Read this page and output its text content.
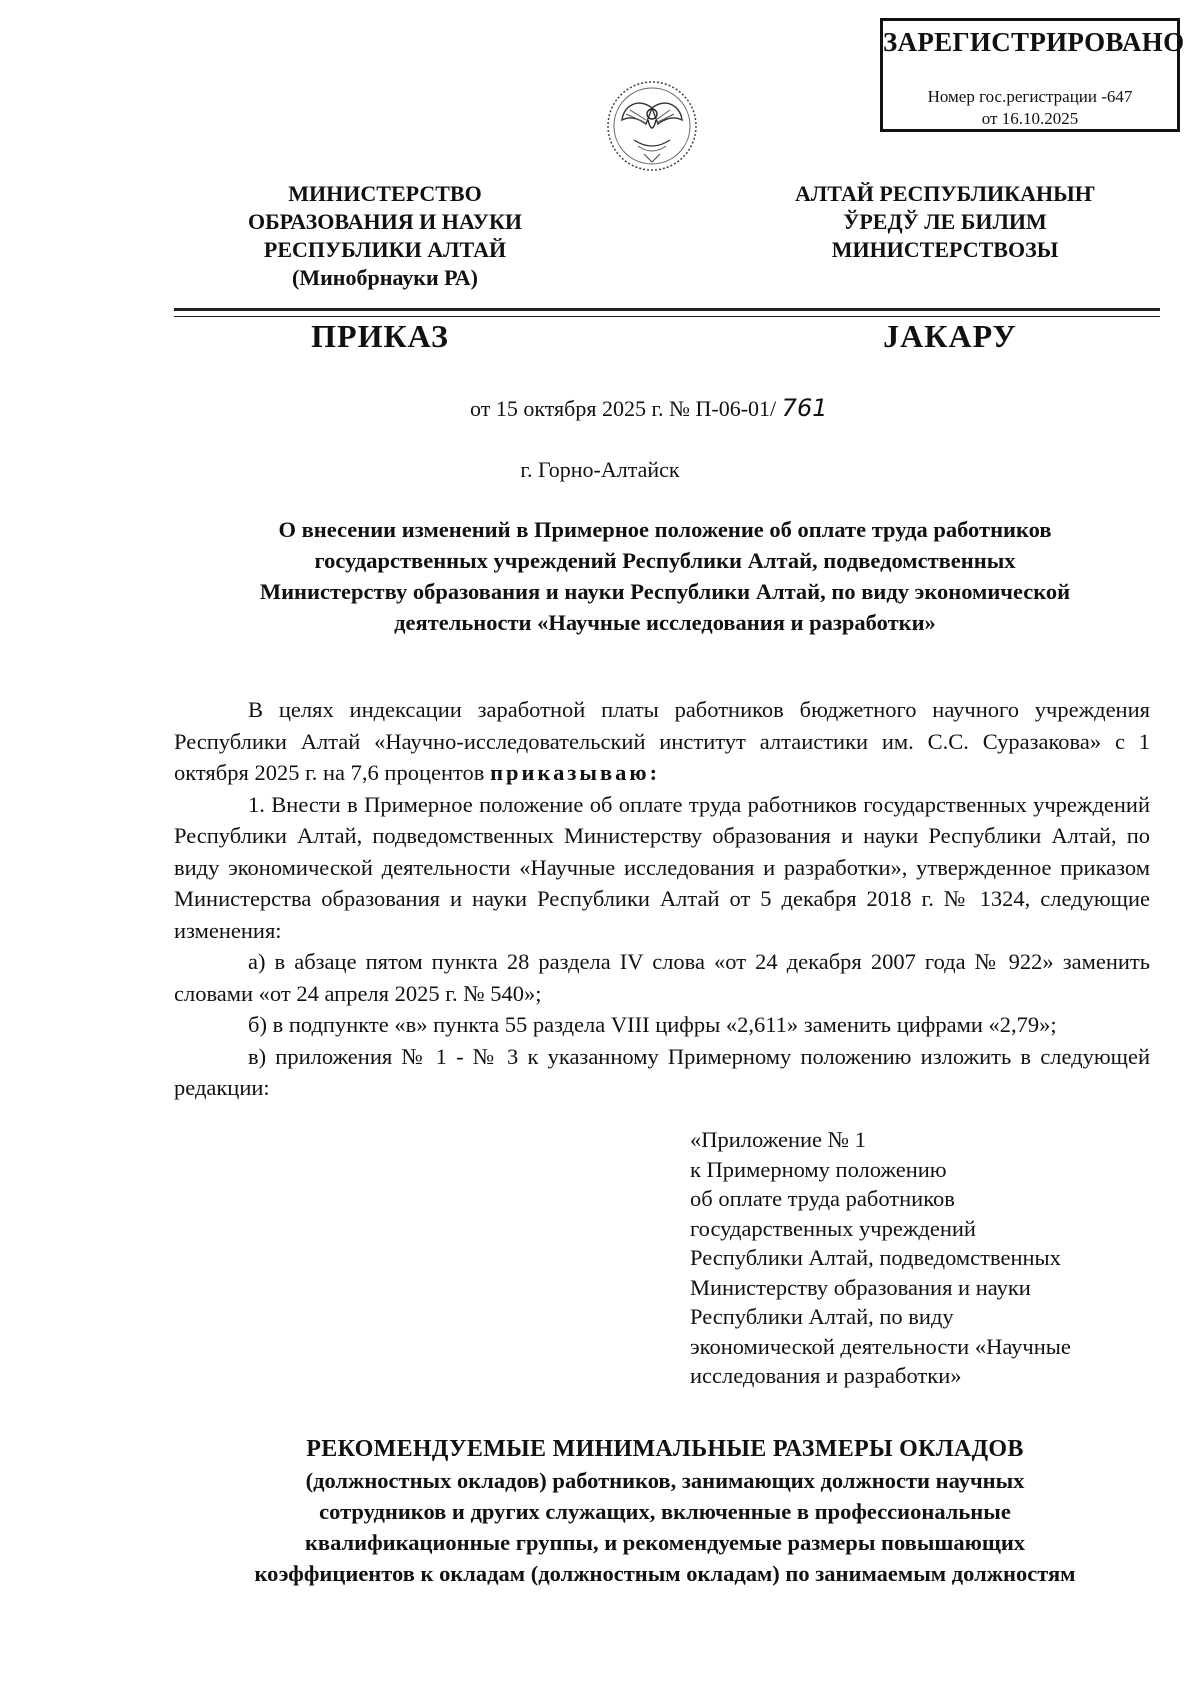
ЗАРЕГИСТРИРОВАНО
Номер гос.регистрации -647
от 16.10.2025
МИНИСТЕРСТВО
ОБРАЗОВАНИЯ И НАУКИ
РЕСПУБЛИКИ АЛТАЙ
(Минобрнауки РА)
АЛТАЙ РЕСПУБЛИКАНЫҤ
ЎРЕДЎ ЛЕ БИЛИМ
МИНИСТЕРСТВОЗЫ
ПРИКАЗ	ЈАКАРУ
от 15 октября 2025 г. № П-06-01/ 761
г. Горно-Алтайск
О внесении изменений в Примерное положение об оплате труда работников
государственных учреждений Республики Алтай, подведомственных
Министерству образования и науки Республики Алтай, по виду экономической
деятельности «Научные исследования и разработки»

В целях индексации заработной платы работников бюджетного научного учреждения Республики Алтай «Научно-исследовательский институт алтаистики им. С.С. Суразакова» с 1 октября 2025 г. на 7,6 процентов приказываю:

1. Внести в Примерное положение об оплате труда работников государственных учреждений Республики Алтай, подведомственных Министерству образования и науки Республики Алтай, по виду экономической деятельности «Научные исследования и разработки», утвержденное приказом Министерства образования и науки Республики Алтай от 5 декабря 2018 г. № 1324, следующие изменения:

а) в абзаце пятом пункта 28 раздела IV слова «от 24 декабря 2007 года № 922» заменить словами «от 24 апреля 2025 г. № 540»;

б) в подпункте «в» пункта 55 раздела VIII цифры «2,611» заменить цифрами «2,79»;

в) приложения № 1 - № 3 к указанному Примерному положению изложить в следующей редакции:

«Приложение № 1
к Примерному положению
об оплате труда работников
государственных учреждений
Республики Алтай, подведомственных
Министерству образования и науки
Республики Алтай, по виду
экономической деятельности «Научные
исследования и разработки»
РЕКОМЕНДУЕМЫЕ МИНИМАЛЬНЫЕ РАЗМЕРЫ ОКЛАДОВ
(должностных окладов) работников, занимающих должности научных
сотрудников и других служащих, включенные в профессиональные
квалификационные группы, и рекомендуемые размеры повышающих
коэффициентов к окладам (должностным окладам) по занимаемым должностям
